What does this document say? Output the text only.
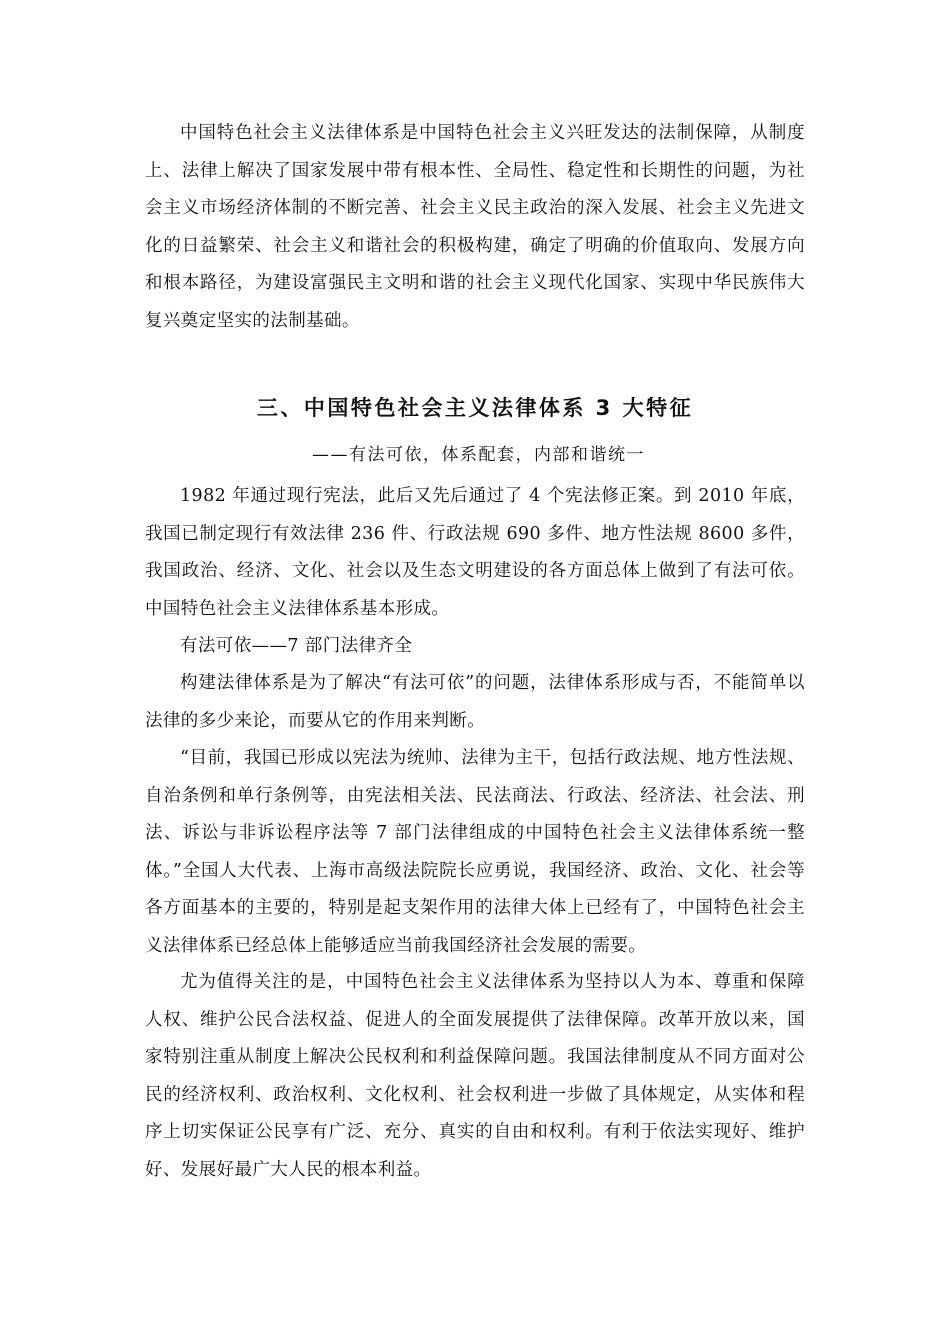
中国特色社会主义法律体系是中国特色社会主义兴旺发达的法制保障，从制度上、法律上解决了国家发展中带有根本性、全局性、稳定性和长期性的问题，为社会主义市场经济体制的不断完善、社会主义民主政治的深入发展、社会主义先进文化的日益繁荣、社会主义和谐社会的积极构建，确定了明确的价值取向、发展方向和根本路径，为建设富强民主文明和谐的社会主义现代化国家、实现中华民族伟大复兴奠定坚实的法制基础。

三、中国特色社会主义法律体系 3 大特征

——有法可依，体系配套，内部和谐统一

1982 年通过现行宪法，此后又先后通过了 4 个宪法修正案。到 2010 年底，我国已制定现行有效法律 236 件、行政法规 690 多件、地方性法规 8600 多件，我国政治、经济、文化、社会以及生态文明建设的各方面总体上做到了有法可依。中国特色社会主义法律体系基本形成。

有法可依——7 部门法律齐全

构建法律体系是为了解决“有法可依”的问题，法律体系形成与否，不能简单以法律的多少来论，而要从它的作用来判断。

“目前，我国已形成以宪法为统帅、法律为主干，包括行政法规、地方性法规、自治条例和单行条例等，由宪法相关法、民法商法、行政法、经济法、社会法、刑法、诉讼与非诉讼程序法等 7 部门法律组成的中国特色社会主义法律体系统一整体。”全国人大代表、上海市高级法院院长应勇说，我国经济、政治、文化、社会等各方面基本的主要的，特别是起支架作用的法律大体上已经有了，中国特色社会主义法律体系已经总体上能够适应当前我国经济社会发展的需要。

尤为值得关注的是，中国特色社会主义法律体系为坚持以人为本、尊重和保障人权、维护公民合法权益、促进人的全面发展提供了法律保障。改革开放以来，国家特别注重从制度上解决公民权利和利益保障问题。我国法律制度从不同方面对公民的经济权利、政治权利、文化权利、社会权利进一步做了具体规定，从实体和程序上切实保证公民享有广泛、充分、真实的自由和权利。有利于依法实现好、维护好、发展好最广大人民的根本利益。
